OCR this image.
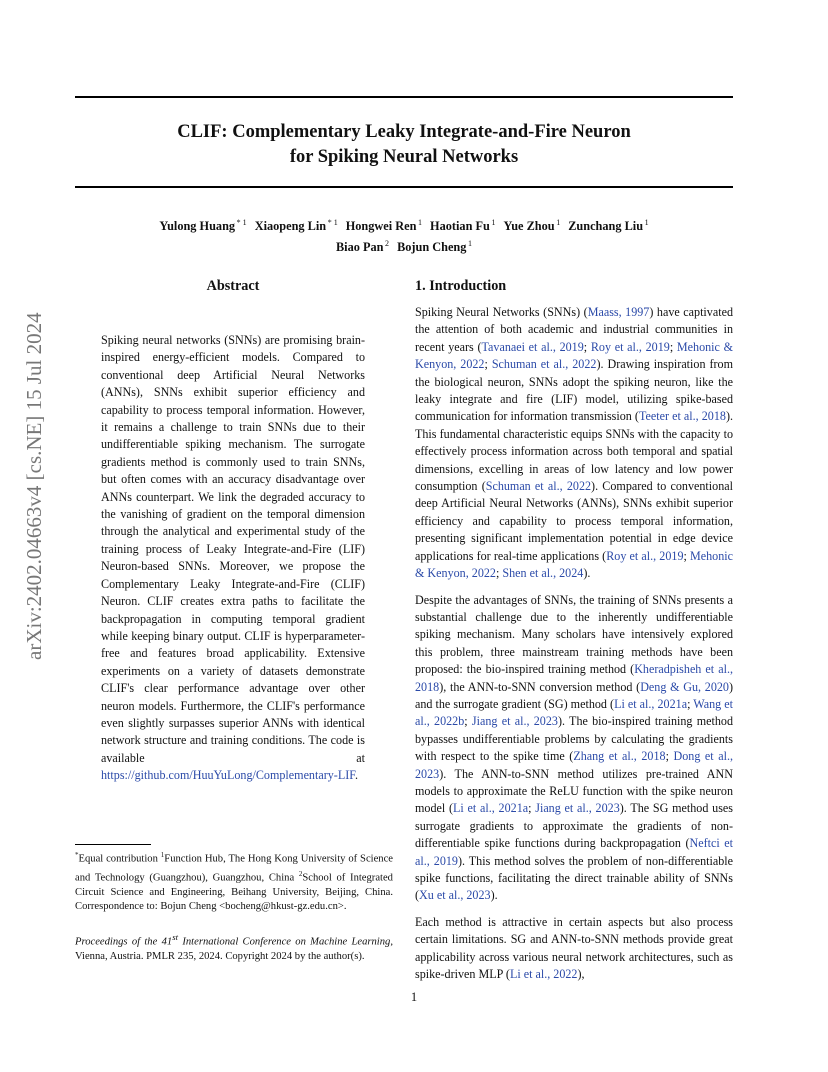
CLIF: Complementary Leaky Integrate-and-Fire Neuron
for Spiking Neural Networks
Yulong Huang $^{* 1}$ Xiaopeng Lin $^{* 1}$ Hongwei Ren $^1$ Haotian Fu $^1$ Yue Zhou $^1$ Zunchang Liu $^1$
Biao Pan $^2$ Bojun Cheng $^1$
arXiv:2402.04663v4 [cs.NE] 15 Jul 2024
Abstract
Spiking neural networks (SNNs) are promising brain-inspired energy-efficient models. Compared to conventional deep Artificial Neural Networks (ANNs), SNNs exhibit superior efficiency and capability to process temporal information. However, it remains a challenge to train SNNs due to their undifferentiable spiking mechanism. The surrogate gradients method is commonly used to train SNNs, but often comes with an accuracy disadvantage over ANNs counterpart. We link the degraded accuracy to the vanishing of gradient on the temporal dimension through the analytical and experimental study of the training process of Leaky Integrate-and-Fire (LIF) Neuron-based SNNs. Moreover, we propose the Complementary Leaky Integrate-and-Fire (CLIF) Neuron. CLIF creates extra paths to facilitate the backpropagation in computing temporal gradient while keeping binary output. CLIF is hyperparameter-free and features broad applicability. Extensive experiments on a variety of datasets demonstrate CLIF's clear performance advantage over other neuron models. Furthermore, the CLIF's performance even slightly surpasses superior ANNs with identical network structure and training conditions. The code is available at https://github.com/HuuYuLong/Complementary-LIF.
1. Introduction

Spiking Neural Networks (SNNs) (Maass, 1997) have captivated the attention of both academic and industrial communities in recent years (Tavanaei et al., 2019; Roy et al., 2019; Mehonic & Kenyon, 2022; Schuman et al., 2022). Drawing inspiration from the biological neuron, SNNs adopt the spiking neuron, like the leaky integrate and fire (LIF) model, utilizing spike-based communication for information transmission (Teeter et al., 2018). This fundamental characteristic equips SNNs with the capacity to effectively process information across both temporal and spatial dimensions, excelling in areas of low latency and low power consumption (Schuman et al., 2022). Compared to conventional deep Artificial Neural Networks (ANNs), SNNs exhibit superior efficiency and capability to process temporal information, presenting significant implementation potential in edge device applications for real-time applications (Roy et al., 2019; Mehonic & Kenyon, 2022; Shen et al., 2024).

Despite the advantages of SNNs, the training of SNNs presents a substantial challenge due to the inherently undifferentiable spiking mechanism. Many scholars have intensively explored this problem, three mainstream training methods have been proposed: the bio-inspired training method (Kheradpisheh et al., 2018), the ANN-to-SNN conversion method (Deng & Gu, 2020) and the surrogate gradient (SG) method (Li et al., 2021a; Wang et al., 2022b; Jiang et al., 2023). The bio-inspired training method bypasses undifferentiable problems by calculating the gradients with respect to the spike time (Zhang et al., 2018; Dong et al., 2023). The ANN-to-SNN method utilizes pre-trained ANN models to approximate the ReLU function with the spike neuron model (Li et al., 2021a; Jiang et al., 2023). The SG method uses surrogate gradients to approximate the gradients of non-differentiable spike functions during backpropagation (Neftci et al., 2019). This method solves the problem of non-differentiable spike functions, facilitating the direct trainable ability of SNNs (Xu et al., 2023).

Each method is attractive in certain aspects but also process certain limitations. SG and ANN-to-SNN methods provide great applicability across various neural network architectures, such as spike-driven MLP (Li et al., 2022),

*Equal contribution $^1$Function Hub, The Hong Kong University of Science and Technology (Guangzhou), Guangzhou, China $^2$School of Integrated Circuit Science and Engineering, Beihang University, Beijing, China. Correspondence to: Bojun Cheng <bocheng@hkust-gz.edu.cn>.
Proceedings of the 41st International Conference on Machine Learning, Vienna, Austria. PMLR 235, 2024. Copyright 2024 by the author(s).
1
